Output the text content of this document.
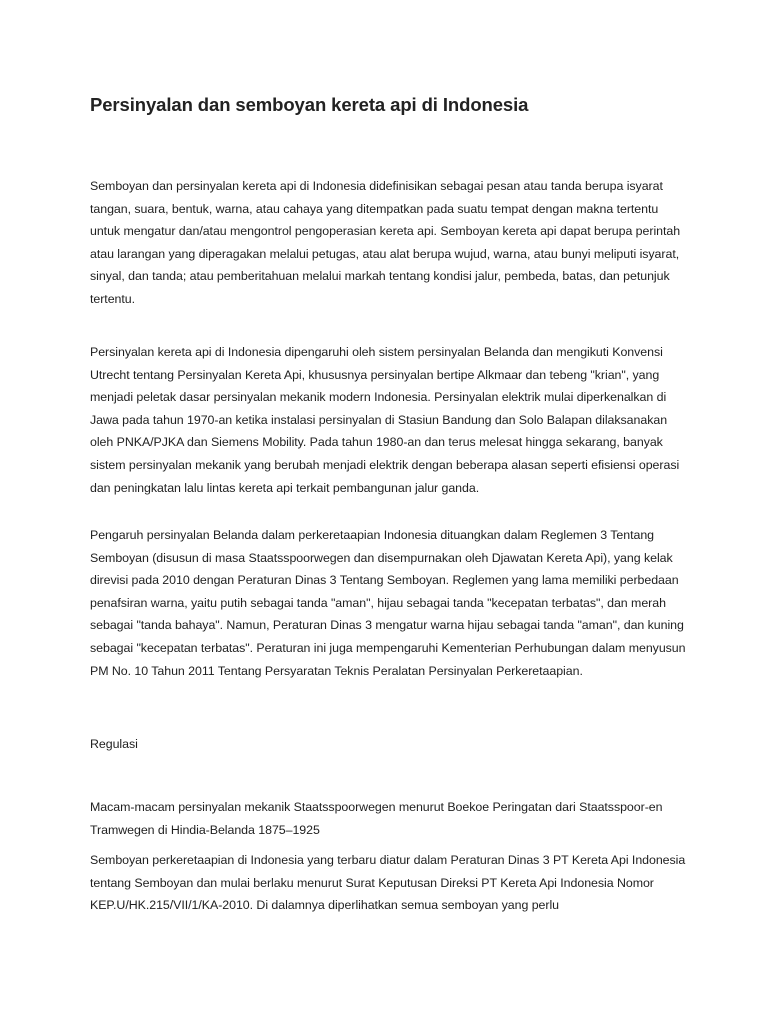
Persinyalan dan semboyan kereta api di Indonesia

Semboyan dan persinyalan kereta api di Indonesia didefinisikan sebagai pesan atau tanda berupa isyarat tangan, suara, bentuk, warna, atau cahaya yang ditempatkan pada suatu tempat dengan makna tertentu untuk mengatur dan/atau mengontrol pengoperasian kereta api. Semboyan kereta api dapat berupa perintah atau larangan yang diperagakan melalui petugas, atau alat berupa wujud, warna, atau bunyi meliputi isyarat, sinyal, dan tanda; atau pemberitahuan melalui markah tentang kondisi jalur, pembeda, batas, dan petunjuk tertentu.

Persinyalan kereta api di Indonesia dipengaruhi oleh sistem persinyalan Belanda dan mengikuti Konvensi Utrecht tentang Persinyalan Kereta Api, khususnya persinyalan bertipe Alkmaar dan tebeng "krian", yang menjadi peletak dasar persinyalan mekanik modern Indonesia. Persinyalan elektrik mulai diperkenalkan di Jawa pada tahun 1970-an ketika instalasi persinyalan di Stasiun Bandung dan Solo Balapan dilaksanakan oleh PNKA/PJKA dan Siemens Mobility. Pada tahun 1980-an dan terus melesat hingga sekarang, banyak sistem persinyalan mekanik yang berubah menjadi elektrik dengan beberapa alasan seperti efisiensi operasi dan peningkatan lalu lintas kereta api terkait pembangunan jalur ganda.

Pengaruh persinyalan Belanda dalam perkeretaapian Indonesia dituangkan dalam Reglemen 3 Tentang Semboyan (disusun di masa Staatsspoorwegen dan disempurnakan oleh Djawatan Kereta Api), yang kelak direvisi pada 2010 dengan Peraturan Dinas 3 Tentang Semboyan. Reglemen yang lama memiliki perbedaan penafsiran warna, yaitu putih sebagai tanda "aman", hijau sebagai tanda "kecepatan terbatas", dan merah sebagai "tanda bahaya". Namun, Peraturan Dinas 3 mengatur warna hijau sebagai tanda "aman", dan kuning sebagai "kecepatan terbatas". Peraturan ini juga mempengaruhi Kementerian Perhubungan dalam menyusun PM No. 10 Tahun 2011 Tentang Persyaratan Teknis Peralatan Persinyalan Perkeretaapian.

Regulasi

Macam-macam persinyalan mekanik Staatsspoorwegen menurut Boekoe Peringatan dari Staatsspoor-en Tramwegen di Hindia-Belanda 1875–1925

Semboyan perkeretaapian di Indonesia yang terbaru diatur dalam Peraturan Dinas 3 PT Kereta Api Indonesia tentang Semboyan dan mulai berlaku menurut Surat Keputusan Direksi PT Kereta Api Indonesia Nomor KEP.U/HK.215/VII/1/KA-2010. Di dalamnya diperlihatkan semua semboyan yang perlu
